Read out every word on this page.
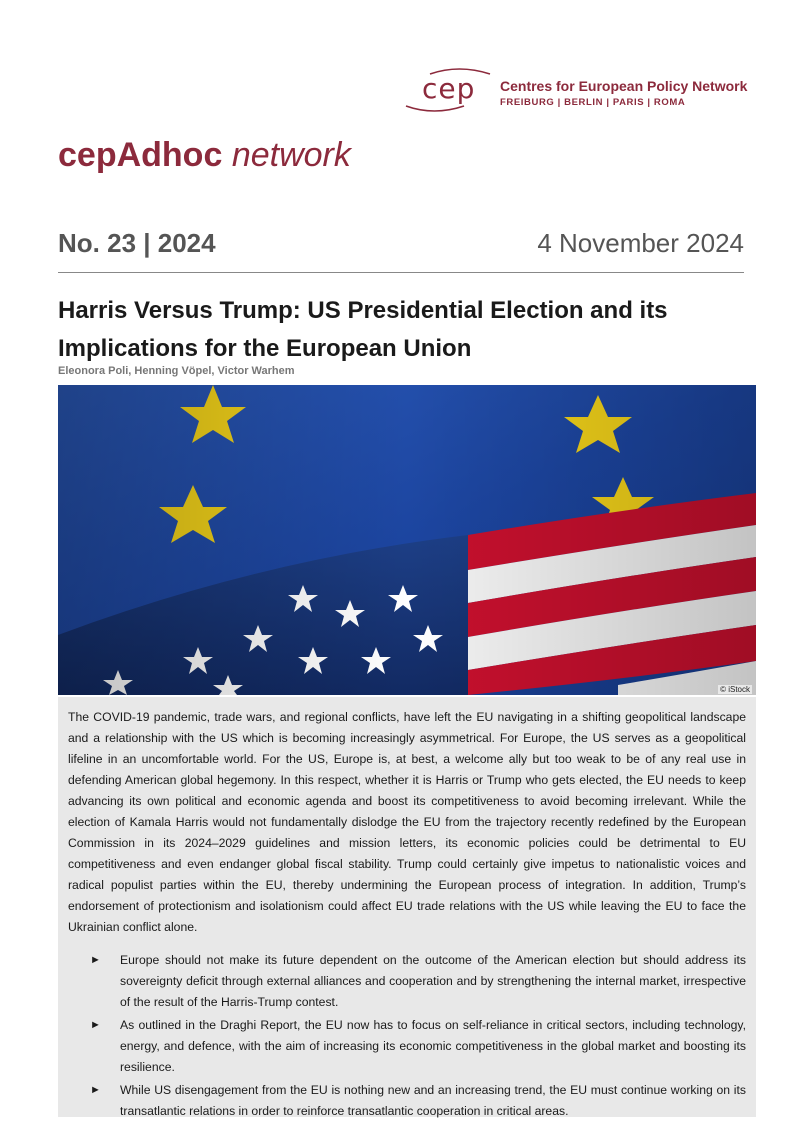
cep Centres for European Policy Network
FREIBURG | BERLIN | PARIS | ROMA
cepAdhoc network
No. 23 | 2024	4 November 2024
Harris Versus Trump: US Presidential Election and its Implications for the European Union
Eleonora Poli, Henning Vöpel, Victor Warhem
© iStock

The COVID-19 pandemic, trade wars, and regional conflicts, have left the EU navigating in a shifting geopolitical landscape and a relationship with the US which is becoming increasingly asymmetrical. For Europe, the US serves as a geopolitical lifeline in an uncomfortable world. For the US, Europe is, at best, a welcome ally but too weak to be of any real use in defending American global hegemony. In this respect, whether it is Harris or Trump who gets elected, the EU needs to keep advancing its own political and economic agenda and boost its competitiveness to avoid becoming irrelevant. While the election of Kamala Harris would not fundamentally dislodge the EU from the trajectory recently redefined by the European Commission in its 2024–2029 guidelines and mission letters, its economic policies could be detrimental to EU competitiveness and even endanger global fiscal stability. Trump could certainly give impetus to nationalistic voices and radical populist parties within the EU, thereby undermining the European process of integration. In addition, Trump’s endorsement of protectionism and isolationism could affect EU trade relations with the US while leaving the EU to face the Ukrainian conflict alone.

► Europe should not make its future dependent on the outcome of the American election but should address its sovereignty deficit through external alliances and cooperation and by strengthening the internal market, irrespective of the result of the Harris-Trump contest.
► As outlined in the Draghi Report, the EU now has to focus on self-reliance in critical sectors, including technology, energy, and defence, with the aim of increasing its economic competitiveness in the global market and boosting its resilience.
► While US disengagement from the EU is nothing new and an increasing trend, the EU must continue working on its transatlantic relations in order to reinforce transatlantic cooperation in critical areas.
